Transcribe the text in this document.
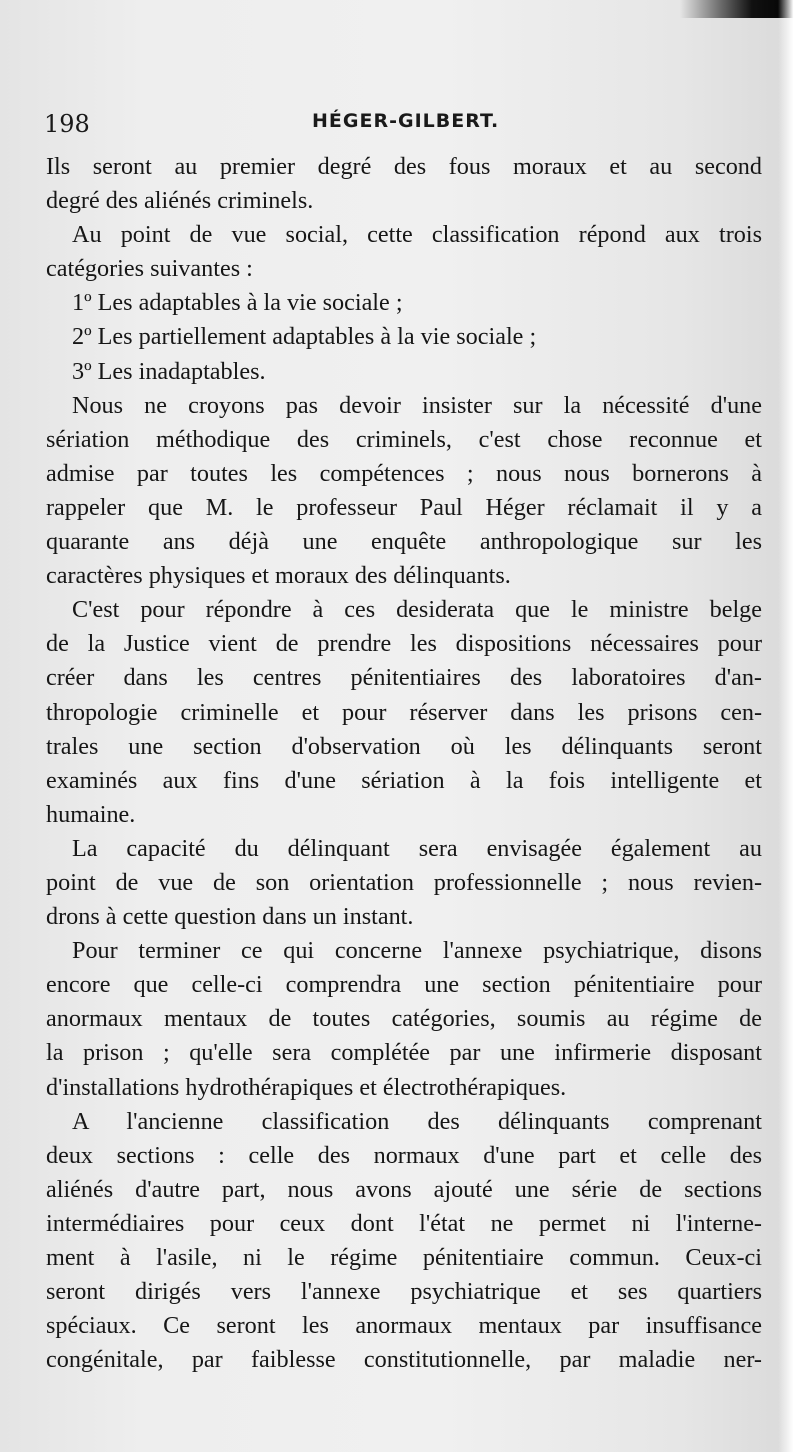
198	HÉGER-GILBERT.
Ils seront au premier degré des fous moraux et au second
degré des aliénés criminels.
Au point de vue social, cette classification répond aux trois
catégories suivantes :
1º Les adaptables à la vie sociale ;
2º Les partiellement adaptables à la vie sociale ;
3º Les inadaptables.
Nous ne croyons pas devoir insister sur la nécessité d'une
sériation méthodique des criminels, c'est chose reconnue et
admise par toutes les compétences ; nous nous bornerons à
rappeler que M. le professeur Paul Héger réclamait il y a
quarante ans déjà une enquête anthropologique sur les
caractères physiques et moraux des délinquants.
C'est pour répondre à ces desiderata que le ministre belge
de la Justice vient de prendre les dispositions nécessaires pour
créer dans les centres pénitentiaires des laboratoires d'an-
thropologie criminelle et pour réserver dans les prisons cen-
trales une section d'observation où les délinquants seront
examinés aux fins d'une sériation à la fois intelligente et
humaine.
La capacité du délinquant sera envisagée également au
point de vue de son orientation professionnelle ; nous revien-
drons à cette question dans un instant.
Pour terminer ce qui concerne l'annexe psychiatrique, disons
encore que celle-ci comprendra une section pénitentiaire pour
anormaux mentaux de toutes catégories, soumis au régime de
la prison ; qu'elle sera complétée par une infirmerie disposant
d'installations hydrothérapiques et électrothérapiques.
A l'ancienne classification des délinquants comprenant
deux sections : celle des normaux d'une part et celle des
aliénés d'autre part, nous avons ajouté une série de sections
intermédiaires pour ceux dont l'état ne permet ni l'interne-
ment à l'asile, ni le régime pénitentiaire commun. Ceux-ci
seront dirigés vers l'annexe psychiatrique et ses quartiers
spéciaux. Ce seront les anormaux mentaux par insuffisance
congénitale, par faiblesse constitutionnelle, par maladie ner-
